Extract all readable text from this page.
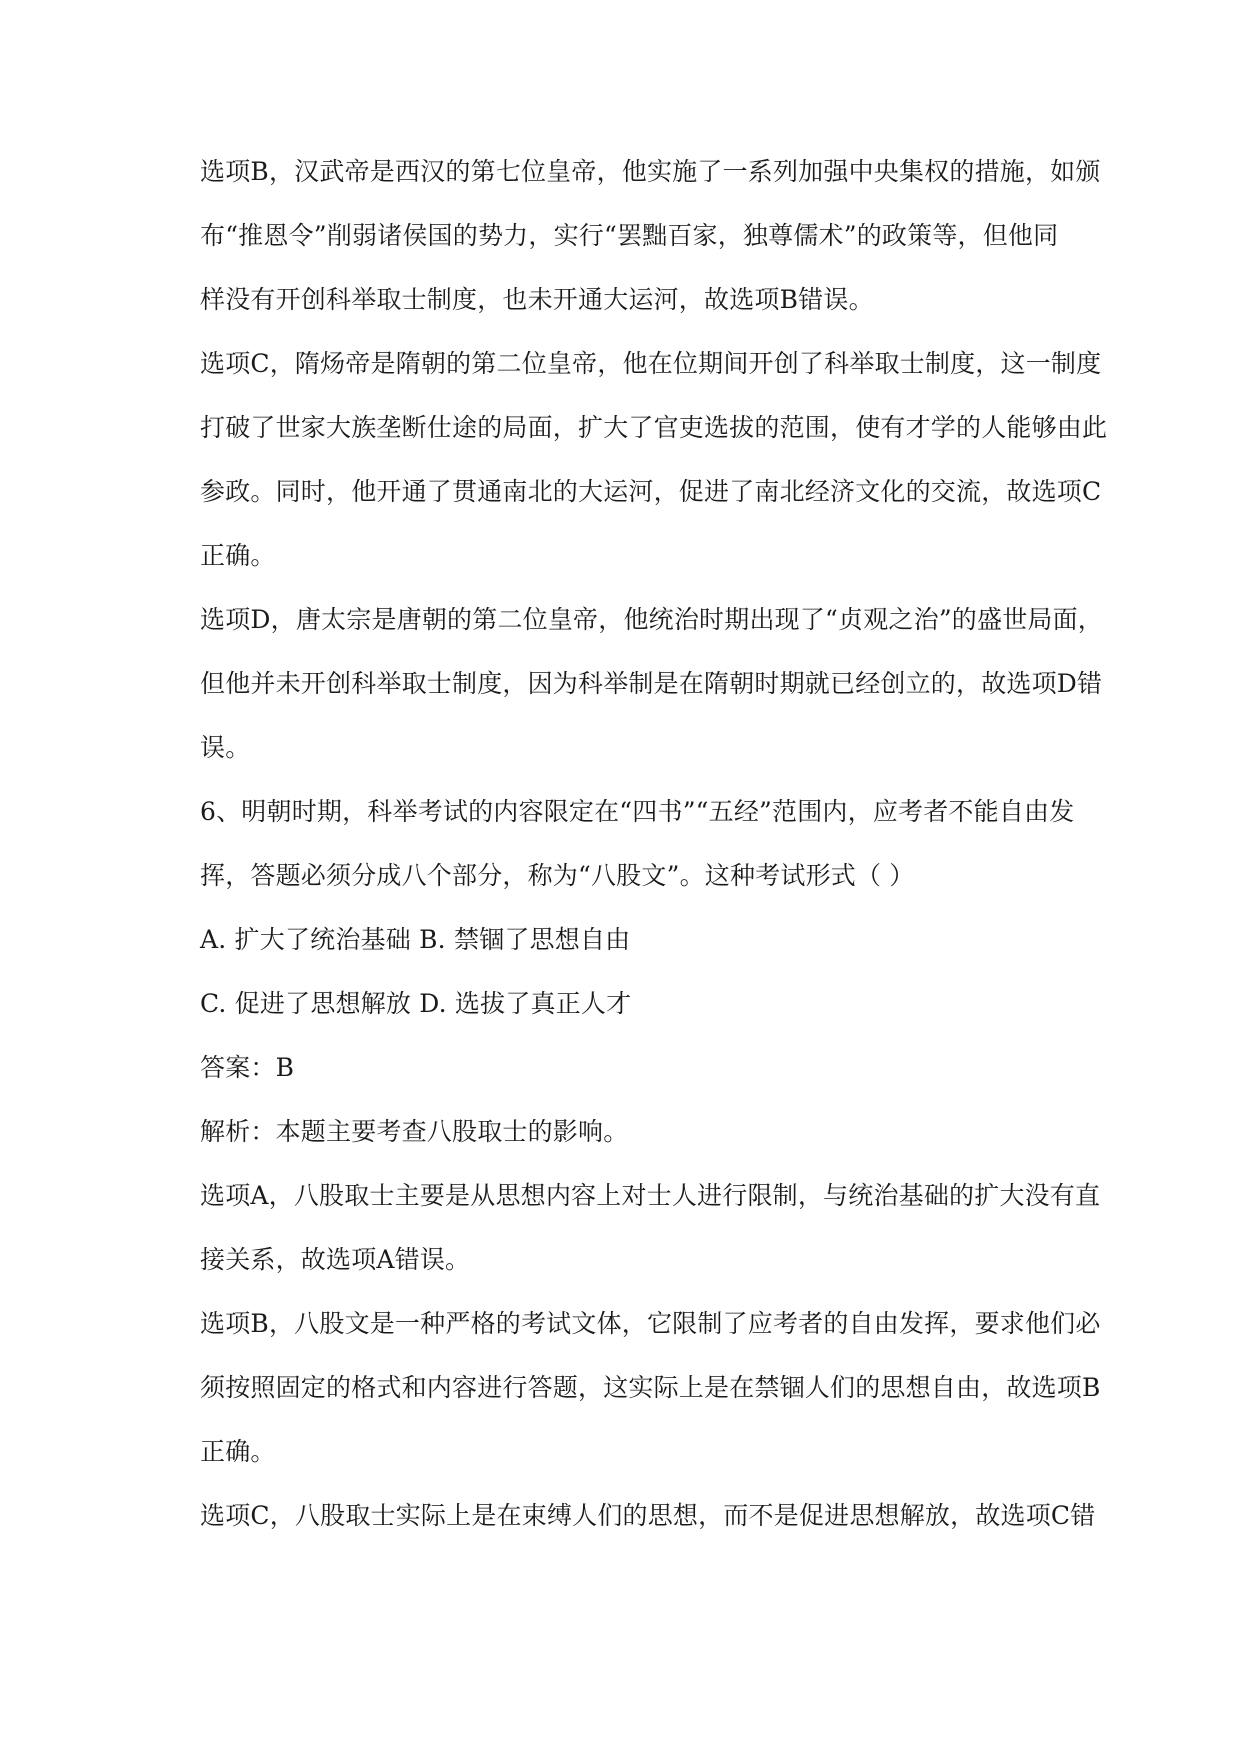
选项B，汉武帝是西汉的第七位皇帝，他实施了一系列加强中央集权的措施，如颁
布“推恩令”削弱诸侯国的势力，实行“罢黜百家，独尊儒术”的政策等，但他同
样没有开创科举取士制度，也未开通大运河，故选项B错误。
选项C，隋炀帝是隋朝的第二位皇帝，他在位期间开创了科举取士制度，这一制度
打破了世家大族垄断仕途的局面，扩大了官吏选拔的范围，使有才学的人能够由此
参政。同时，他开通了贯通南北的大运河，促进了南北经济文化的交流，故选项C
正确。
选项D，唐太宗是唐朝的第二位皇帝，他统治时期出现了“贞观之治”的盛世局面，
但他并未开创科举取士制度，因为科举制是在隋朝时期就已经创立的，故选项D错
误。
6、明朝时期，科举考试的内容限定在“四书”“五经”范围内，应考者不能自由发
挥，答题必须分成八个部分，称为“八股文”。这种考试形式（ ）
A. 扩大了统治基础 B. 禁锢了思想自由
C. 促进了思想解放 D. 选拔了真正人才
答案：B
解析：本题主要考查八股取士的影响。
选项A，八股取士主要是从思想内容上对士人进行限制，与统治基础的扩大没有直
接关系，故选项A错误。
选项B，八股文是一种严格的考试文体，它限制了应考者的自由发挥，要求他们必
须按照固定的格式和内容进行答题，这实际上是在禁锢人们的思想自由，故选项B
正确。
选项C，八股取士实际上是在束缚人们的思想，而不是促进思想解放，故选项C错
